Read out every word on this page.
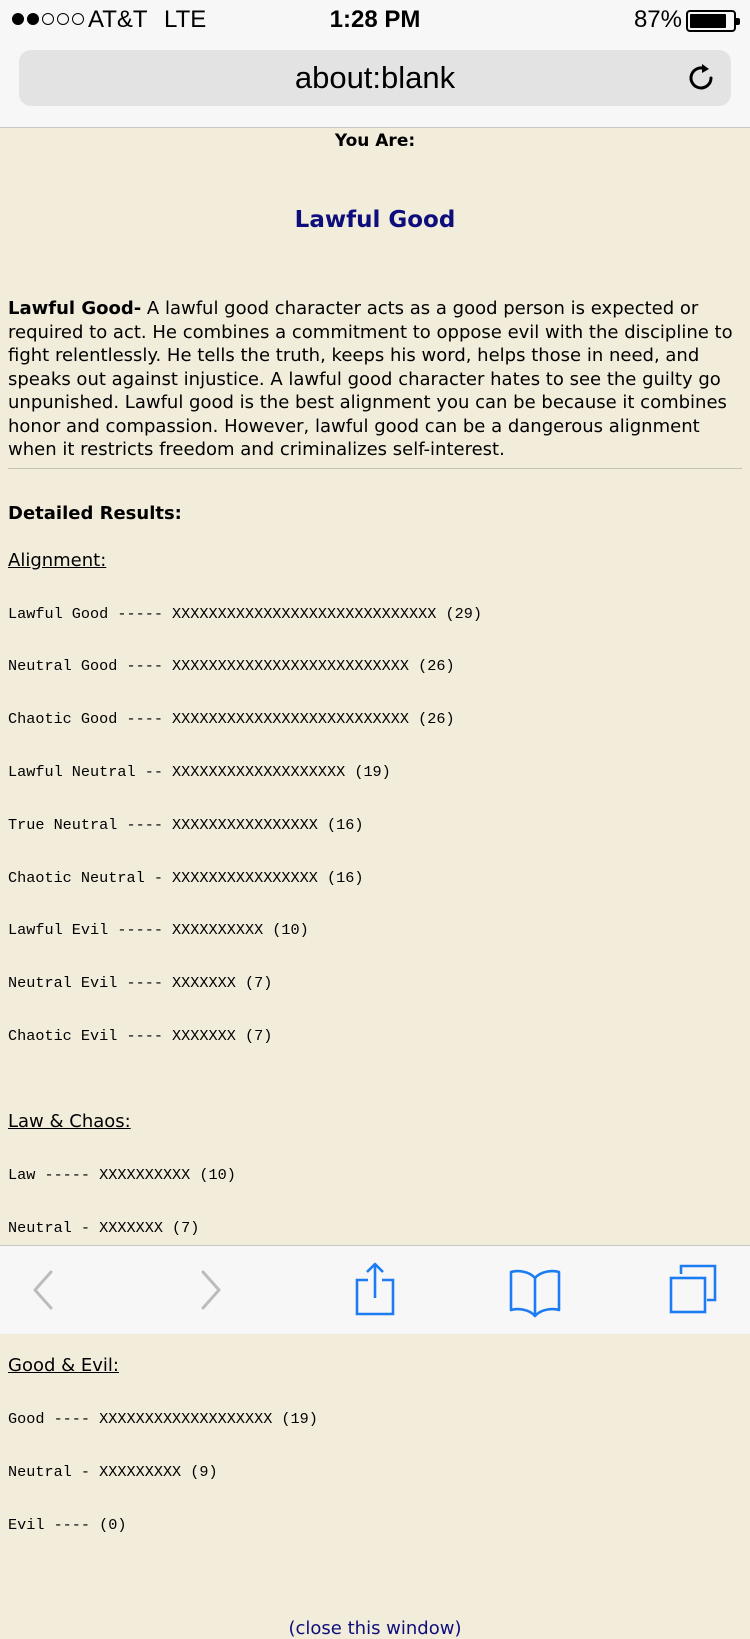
AT&T LTE	1:28 PM	87%
about:blank
You Are:
Lawful Good

Lawful Good- A lawful good character acts as a good person is expected or required to act. He combines a commitment to oppose evil with the discipline to fight relentlessly. He tells the truth, keeps his word, helps those in need, and speaks out against injustice. A lawful good character hates to see the guilty go unpunished. Lawful good is the best alignment you can be because it combines honor and compassion. However, lawful good can be a dangerous alignment when it restricts freedom and criminalizes self-interest.

Detailed Results:
Alignment:

Lawful Good ----- XXXXXXXXXXXXXXXXXXXXXXXXXXXXX (29)

Neutral Good ---- XXXXXXXXXXXXXXXXXXXXXXXXXX (26)

Chaotic Good ---- XXXXXXXXXXXXXXXXXXXXXXXXXX (26)

Lawful Neutral -- XXXXXXXXXXXXXXXXXXX (19)

True Neutral ---- XXXXXXXXXXXXXXXX (16)

Chaotic Neutral - XXXXXXXXXXXXXXXX (16)

Lawful Evil ----- XXXXXXXXXX (10)

Neutral Evil ---- XXXXXXX (7)

Chaotic Evil ---- XXXXXXX (7)

Law & Chaos:

Law ----- XXXXXXXXXX (10)

Neutral - XXXXXXX (7)

Good & Evil:

Good ---- XXXXXXXXXXXXXXXXXXX (19)

Neutral - XXXXXXXXX (9)

Evil ---- (0)

(close this window)
